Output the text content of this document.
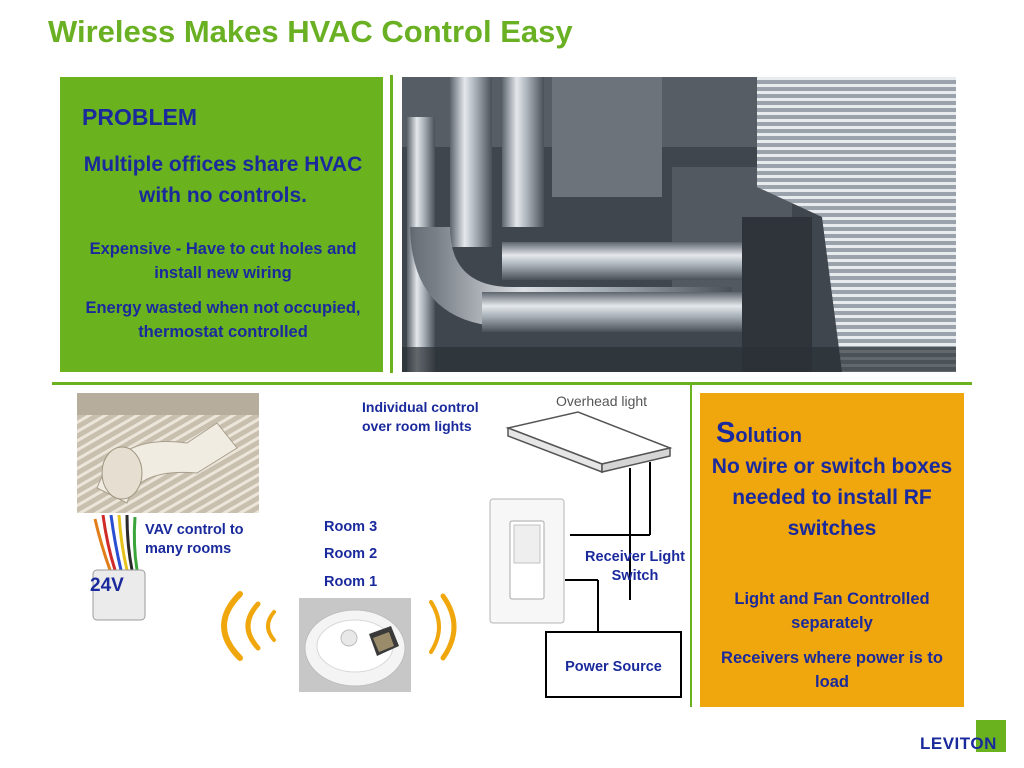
Wireless Makes HVAC Control Easy
PROBLEM
Multiple offices share HVAC with no controls.
Expensive - Have to cut holes and install new wiring
Energy wasted when not occupied, thermostat controlled
24V
VAV control to many rooms
Room 3
Room 2
Room 1
Individual control over room lights
Overhead light
Receiver Light Switch
Power Source
Solution
No wire or switch boxes needed to install RF switches
Light and Fan Controlled separately
Receivers where power is to load
LEVITON
